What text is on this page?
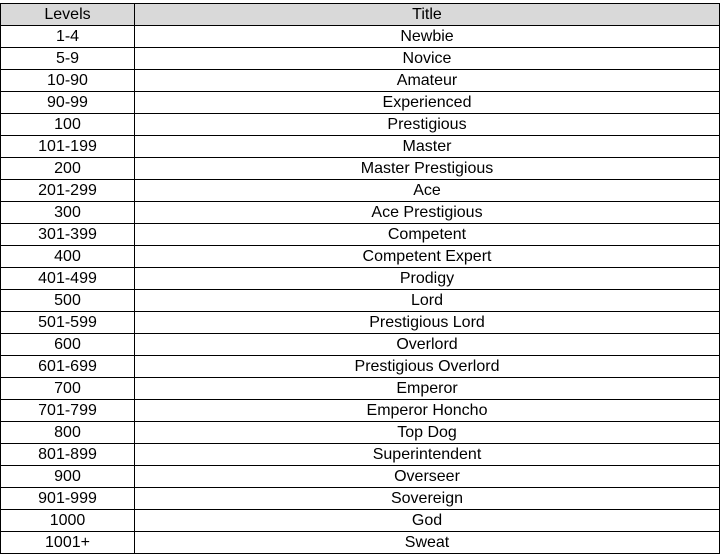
Levels	Title
1-4	Newbie
5-9	Novice
10-90	Amateur
90-99	Experienced
100	Prestigious
101-199	Master
200	Master Prestigious
201-299	Ace
300	Ace Prestigious
301-399	Competent
400	Competent Expert
401-499	Prodigy
500	Lord
501-599	Prestigious Lord
600	Overlord
601-699	Prestigious Overlord
700	Emperor
701-799	Emperor Honcho
800	Top Dog
801-899	Superintendent
900	Overseer
901-999	Sovereign
1000	God
1001+	Sweat
